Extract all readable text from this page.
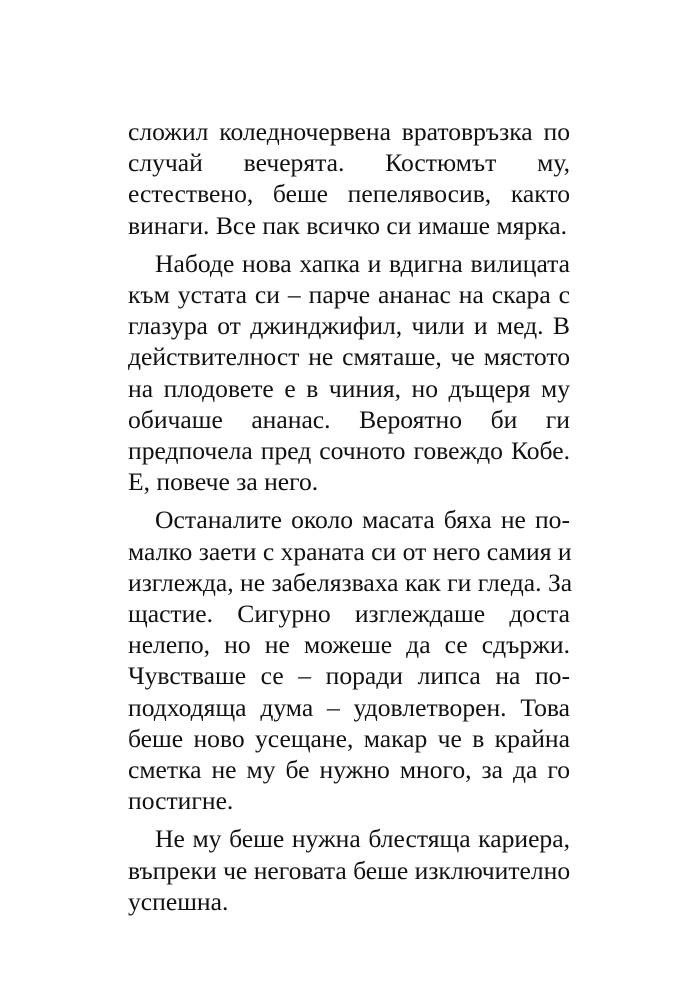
сложил коледночервена вратовръзка по
случай вечерята. Костюмът му,
естествено, беше пепелявосив, както
винаги. Все пак всичко си имаше мярка.
Набоде нова хапка и вдигна вилицата
към устата си – парче ананас на скара с
глазура от джинджифил, чили и мед. В
действителност не смяташе, че мястото
на плодовете е в чиния, но дъщеря му
обичаше ананас. Вероятно би ги
предпочела пред сочното говеждо Кобе.
Е, повече за него.
Останалите около масата бяха не по-
малко заети с храната си от него самия и
изглежда, не забелязваха как ги гледа. За
щастие. Сигурно изглеждаше доста
нелепо, но не можеше да се сдържи.
Чувстваше се – поради липса на по-
подходяща дума – удовлетворен. Това
беше ново усещане, макар че в крайна
сметка не му бе нужно много, за да го
постигне.
Не му беше нужна блестяща кариера,
въпреки че неговата беше изключително
успешна.
